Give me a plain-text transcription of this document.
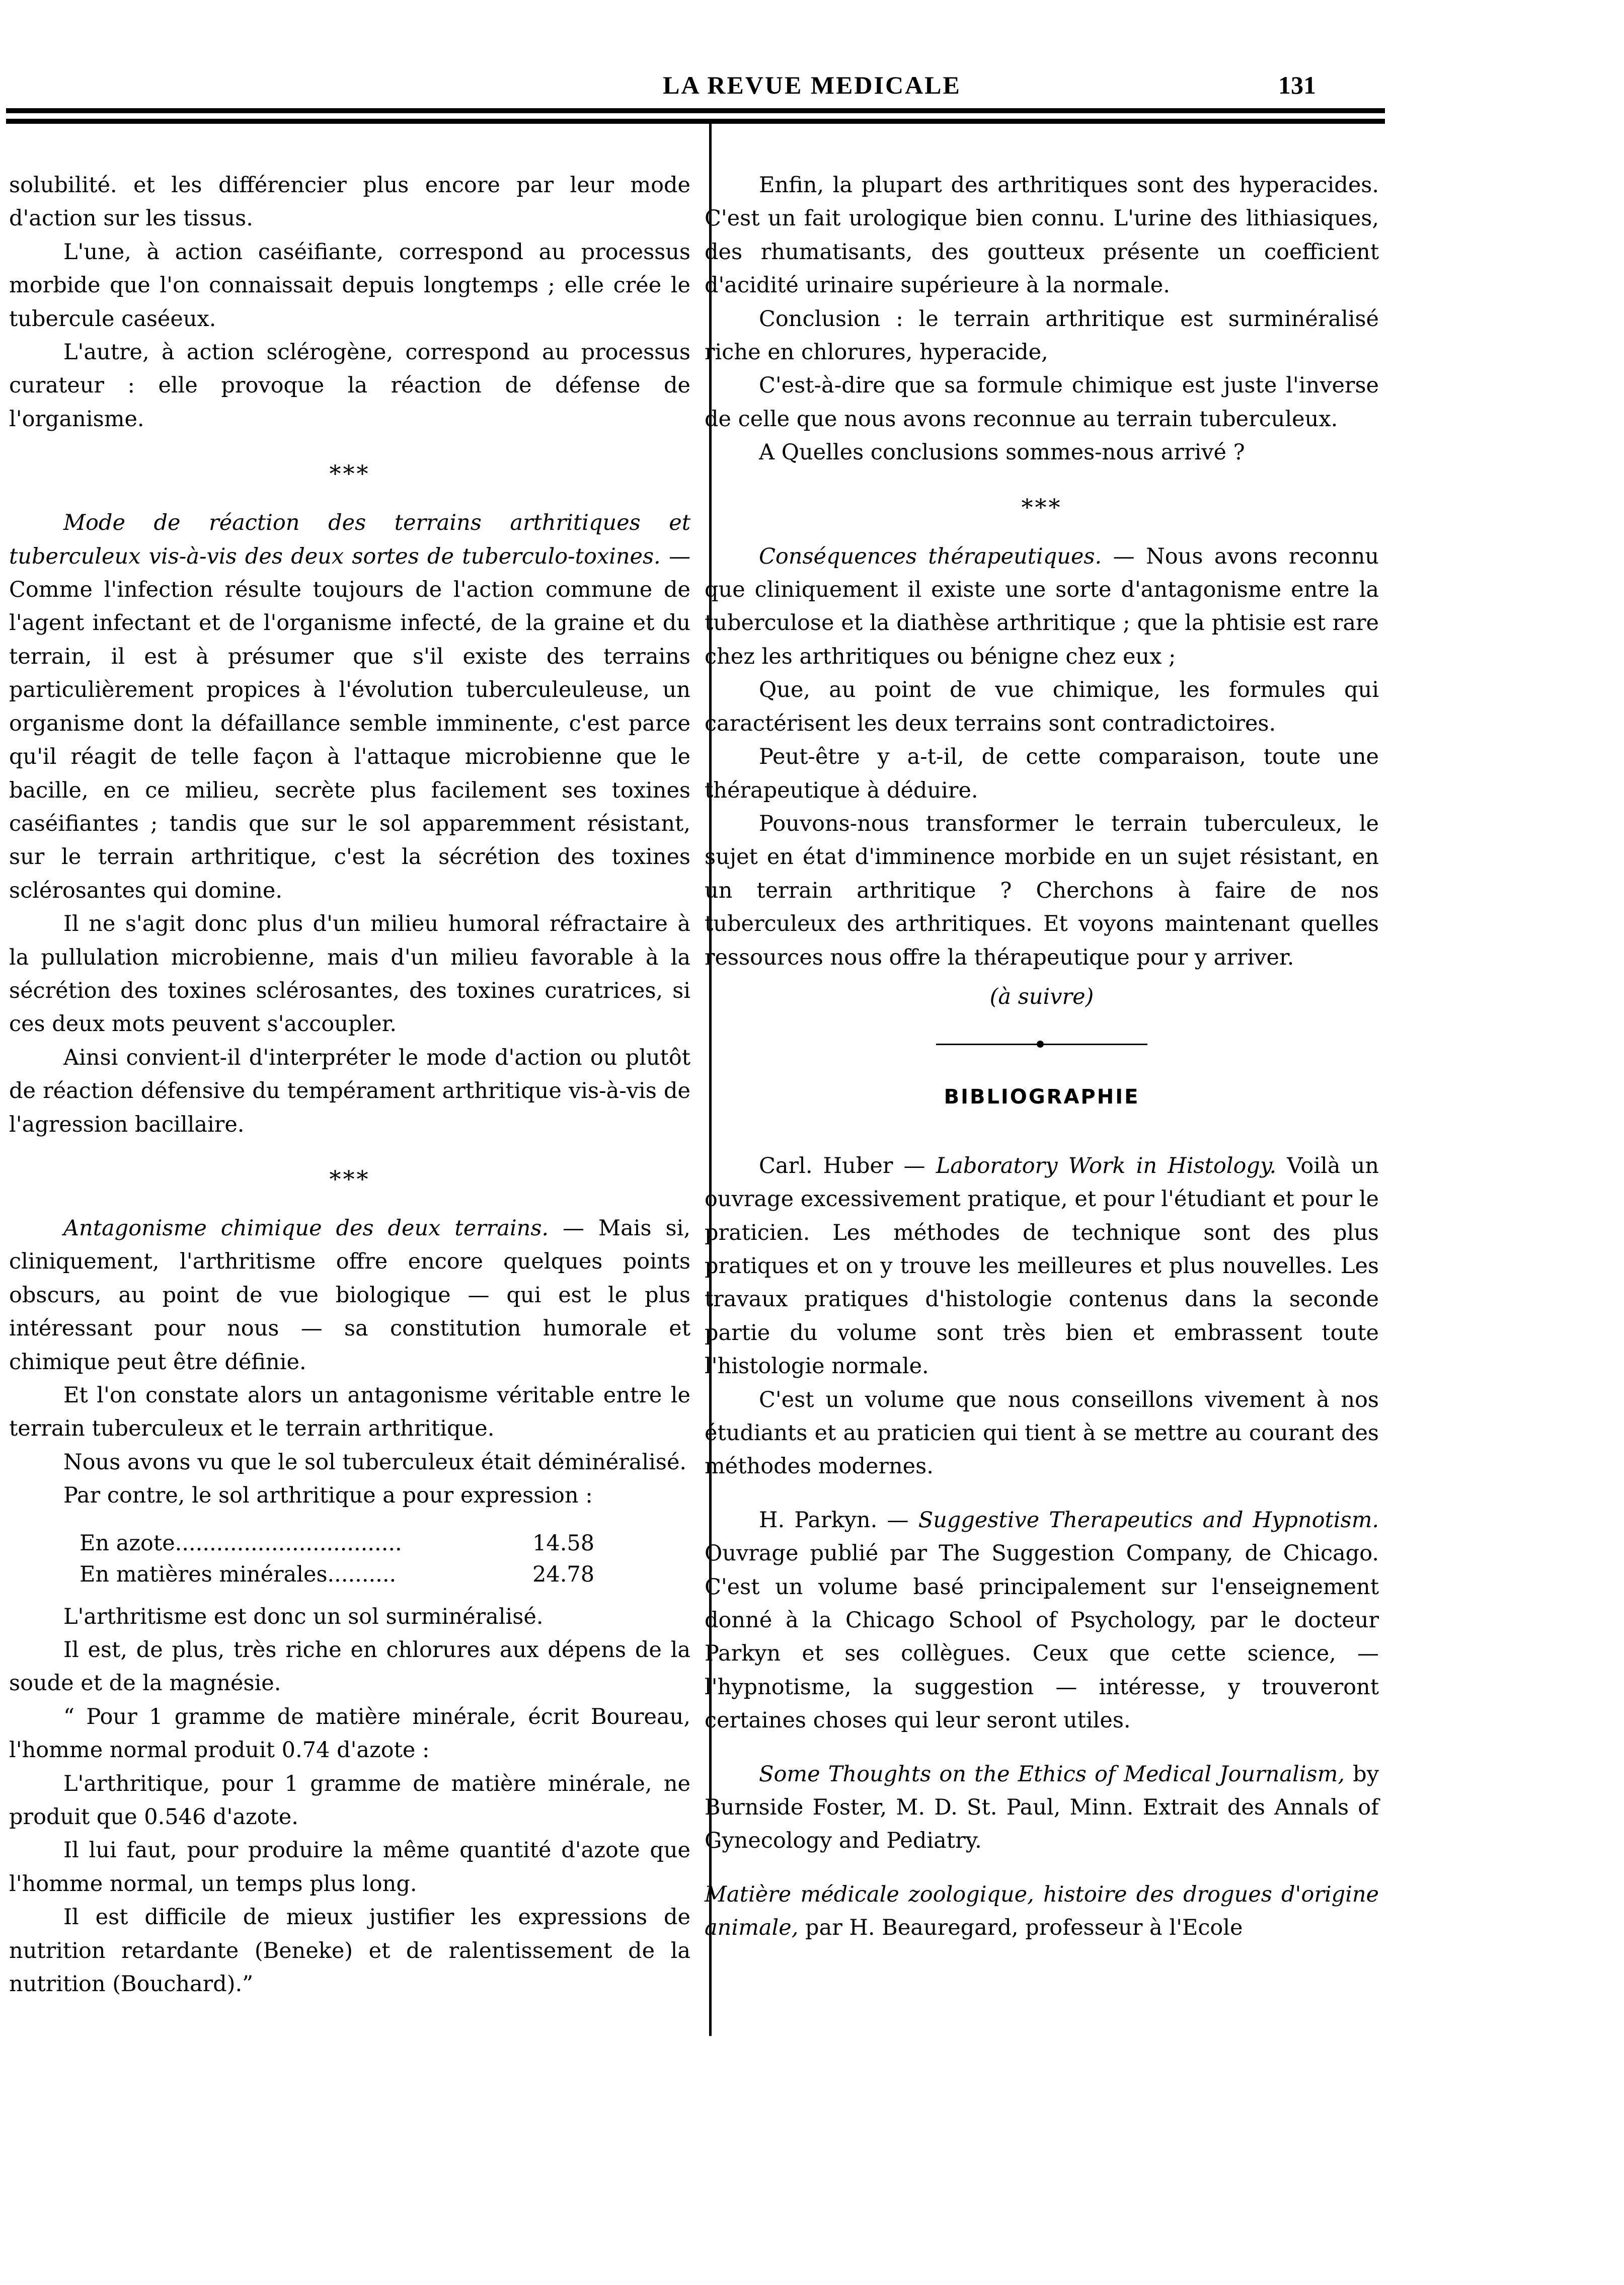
LA REVUE MEDICALE	131

solubilité. et les différencier plus encore par leur mode d'action sur les tissus.

L'une, à action caséifiante, correspond au processus morbide que l'on connaissait depuis longtemps ; elle crée le tubercule caséeux.

L'autre, à action sclérogène, correspond au processus curateur : elle provoque la réaction de défense de l'organisme.

***

Mode de réaction des terrains arthritiques et tuberculeux vis-à-vis des deux sortes de tuberculo-toxines. — Comme l'infection résulte toujours de l'action commune de l'agent infectant et de l'organisme infecté, de la graine et du terrain, il est à présumer que s'il existe des terrains particulièrement propices à l'évolution tuberculeuleuse, un organisme dont la défaillance semble imminente, c'est parce qu'il réagit de telle façon à l'attaque microbienne que le bacille, en ce milieu, secrète plus facilement ses toxines caséifiantes ; tandis que sur le sol apparemment résistant, sur le terrain arthritique, c'est la sécrétion des toxines sclérosantes qui domine.

Il ne s'agit donc plus d'un milieu humoral réfractaire à la pullulation microbienne, mais d'un milieu favorable à la sécrétion des toxines sclérosantes, des toxines curatrices, si ces deux mots peuvent s'accoupler.

Ainsi convient-il d'interpréter le mode d'action ou plutôt de réaction défensive du tempérament arthritique vis-à-vis de l'agression bacillaire.

***

Antagonisme chimique des deux terrains. — Mais si, cliniquement, l'arthritisme offre encore quelques points obscurs, au point de vue biologique — qui est le plus intéressant pour nous — sa constitution humorale et chimique peut être définie.

Et l'on constate alors un antagonisme véritable entre le terrain tuberculeux et le terrain arthritique.

Nous avons vu que le sol tuberculeux était déminéralisé.

Par contre, le sol arthritique a pour expression :

En azote.................................	14.58
En matières minérales..........	24.78

L'arthritisme est donc un sol surminéralisé.

Il est, de plus, très riche en chlorures aux dépens de la soude et de la magnésie.

“ Pour 1 gramme de matière minérale, écrit Boureau, l'homme normal produit 0.74 d'azote :

L'arthritique, pour 1 gramme de matière minérale, ne produit que 0.546 d'azote.

Il lui faut, pour produire la même quantité d'azote que l'homme normal, un temps plus long.

Il est difficile de mieux justifier les expressions de nutrition retardante (Beneke) et de ralentissement de la nutrition (Bouchard).”

Enfin, la plupart des arthritiques sont des hyperacides. C'est un fait urologique bien connu. L'urine des lithiasiques, des rhumatisants, des goutteux présente un coefficient d'acidité urinaire supérieure à la normale.

Conclusion : le terrain arthritique est surminéralisé riche en chlorures, hyperacide,

C'est-à-dire que sa formule chimique est juste l'inverse de celle que nous avons reconnue au terrain tuberculeux.

A Quelles conclusions sommes-nous arrivé ?

***

Conséquences thérapeutiques. — Nous avons reconnu que cliniquement il existe une sorte d'antagonisme entre la tuberculose et la diathèse arthritique ; que la phtisie est rare chez les arthritiques ou bénigne chez eux ;

Que, au point de vue chimique, les formules qui caractérisent les deux terrains sont contradictoires.

Peut-être y a-t-il, de cette comparaison, toute une thérapeutique à déduire.

Pouvons-nous transformer le terrain tuberculeux, le sujet en état d'imminence morbide en un sujet résistant, en un terrain arthritique ? Cherchons à faire de nos tuberculeux des arthritiques. Et voyons maintenant quelles ressources nous offre la thérapeutique pour y arriver.

(à suivre)

BIBLIOGRAPHIE

Carl. Huber — Laboratory Work in Histology. Voilà un ouvrage excessivement pratique, et pour l'étudiant et pour le praticien. Les méthodes de technique sont des plus pratiques et on y trouve les meilleures et plus nouvelles. Les travaux pratiques d'histologie contenus dans la seconde partie du volume sont très bien et embrassent toute l'histologie normale.

C'est un volume que nous conseillons vivement à nos étudiants et au praticien qui tient à se mettre au courant des méthodes modernes.

H. Parkyn. — Suggestive Therapeutics and Hypnotism. Ouvrage publié par The Suggestion Company, de Chicago. C'est un volume basé principalement sur l'enseignement donné à la Chicago School of Psychology, par le docteur Parkyn et ses collègues. Ceux que cette science, — l'hypnotisme, la suggestion — intéresse, y trouveront certaines choses qui leur seront utiles.

Some Thoughts on the Ethics of Medical Journalism, by Burnside Foster, M. D. St. Paul, Minn. Extrait des Annals of Gynecology and Pediatry.

Matière médicale zoologique, histoire des drogues d'origine animale, par H. Beauregard, professeur à l'Ecole
